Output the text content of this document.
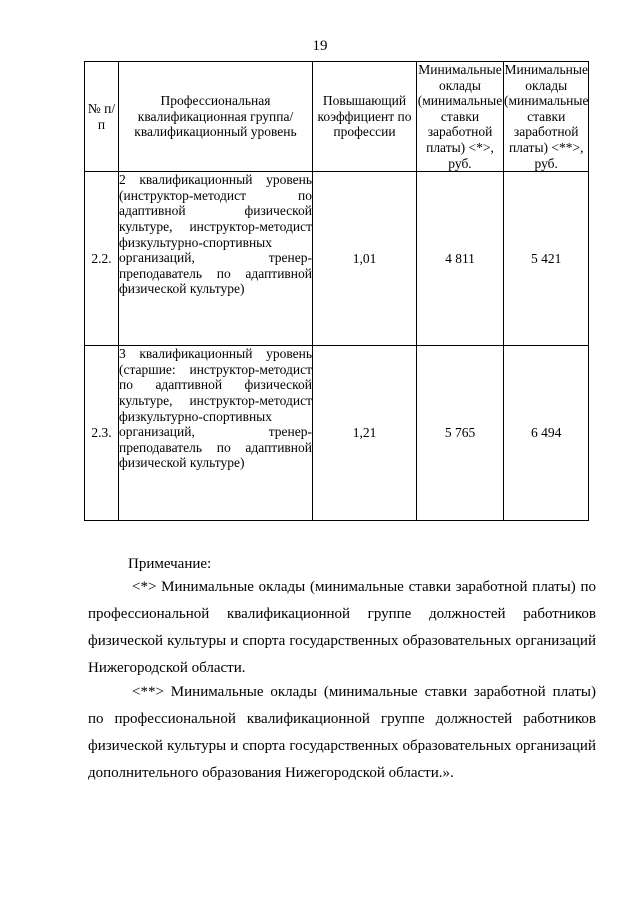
19
№ п/п	Профессиональная квалификационная группа/квалификационный уровень	Повышающий коэффициент по профессии	Минимальные оклады (минимальные ставки заработной платы) <*>, руб.	Минимальные оклады (минимальные ставки заработной платы) <**>, руб.
2.2.	2 квалификационный уровень (инструктор-методист по адаптивной физической культуре, инструктор-методист физкультурно-спортивных организаций, тренер-преподаватель по адаптивной физической культуре)	1,01	4 811	5 421
2.3.	3 квалификационный уровень (старшие: инструктор-методист по адаптивной физической культуре, инструктор-методист физкультурно-спортивных организаций, тренер-преподаватель по адаптивной физической культуре)	1,21	5 765	6 494
Примечание:
<*> Минимальные оклады (минимальные ставки заработной платы) по профессиональной квалификационной группе должностей работников физической культуры и спорта государственных образовательных организаций Нижегородской области.
<**> Минимальные оклады (минимальные ставки заработной платы) по профессиональной квалификационной группе должностей работников физической культуры и спорта государственных образовательных организаций дополнительного образования Нижегородской области.».
